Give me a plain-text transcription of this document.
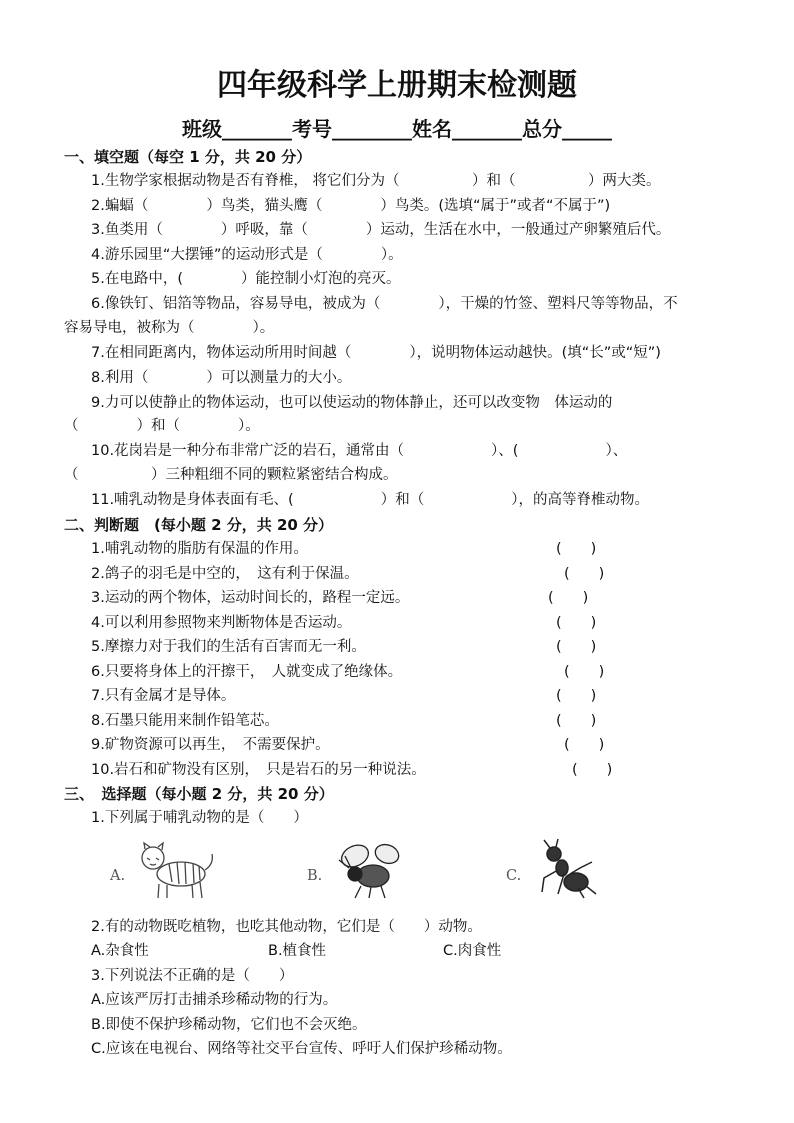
四年级科学上册期末检测题
班级_______考号________姓名_______总分_____
一、填空题（每空 1 分，共 20 分）
1.生物学家根据动物是否有脊椎， 将它们分为（　　　　　）和（　　　　　）两大类。
2.蝙蝠（　　　　）鸟类，猫头鹰（　　　　）鸟类。(选填“属于”或者“不属于”)
3.鱼类用（　　　　）呼吸，靠（　　　　）运动，生活在水中，一般通过产卵繁殖后代。
4.游乐园里“大摆锤”的运动形式是（　　　　）。
5.在电路中，(　　　　）能控制小灯泡的亮灭。
6.像铁钉、铝箔等物品，容易导电，被成为（　　　　），干燥的竹签、塑料尺等等物品，不
容易导电，被称为（　　　　）。
7.在相同距离内，物体运动所用时间越（　　　　），说明物体运动越快。(填“长”或“短”)
8.利用（　　　　）可以测量力的大小。
9.力可以使静止的物体运动，也可以使运动的物体静止，还可以改变物　体运动的
（　　　　）和（　　　　）。
10.花岗岩是一种分布非常广泛的岩石，通常由（　　　　　　）、(　　　　　　）、
（　　　　　）三种粗细不同的颗粒紧密结合构成。
11.哺乳动物是身体表面有毛、(　　　　　　）和（　　　　　　），的高等脊椎动物。
二、判断题　(每小题 2 分，共 20 分）
1.哺乳动物的脂肪有保温的作用。	(　　)
2.鸽子的羽毛是中空的，　这有利于保温。	(　　)
3.运动的两个物体，运动时间长的，路程一定远。	(　　)
4.可以利用参照物来判断物体是否运动。	(　　)
5.摩擦力对于我们的生活有百害而无一利。	(　　)
6.只要将身体上的汗擦干，　人就变成了绝缘体。	(　　)
7.只有金属才是导体。	(　　)
8.石墨只能用来制作铅笔芯。	(　　)
9.矿物资源可以再生，　不需要保护。	(　　)
10.岩石和矿物没有区别，　只是岩石的另一种说法。	(　　)
三、　选择题（每小题 2 分，共 20 分）
1.下列属于哺乳动物的是（　　）
A.	B.	C.
2.有的动物既吃植物，也吃其他动物，它们是（　　）动物。
A.杂食性	B.植食性	C.肉食性
3.下列说法不正确的是（　　）
A.应该严厉打击捕杀珍稀动物的行为。
B.即使不保护珍稀动物，它们也不会灭绝。
C.应该在电视台、网络等社交平台宣传、呼吁人们保护珍稀动物。
